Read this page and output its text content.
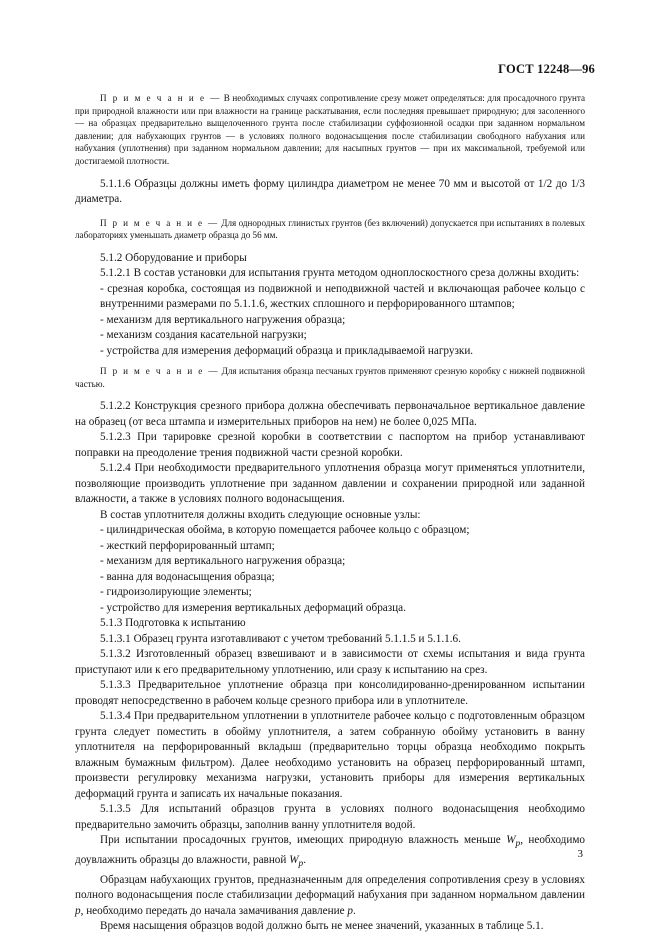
ГОСТ 12248—96

П р и м е ч а н и е — В необходимых случаях сопротивление срезу может определяться: для просадочного грунта при природной влажности или при влажности на границе раскатывания, если последняя превышает природную; для засоленного — на образцах предварительно выщелоченного грунта после стабилизации суффозионной осадки при заданном нормальном давлении; для набухающих грунтов — в условиях полного водонасыщения после стабилизации свободного набухания или набухания (уплотнения) при заданном нормальном давлении; для насыпных грунтов — при их максимальной, требуемой или достигаемой плотности.

5.1.1.6 Образцы должны иметь форму цилиндра диаметром не менее 70 мм и высотой от 1/2 до 1/3 диаметра.

П р и м е ч а н и е — Для однородных глинистых грунтов (без включений) допускается при испытаниях в полевых лабораториях уменьшать диаметр образца до 56 мм.

5.1.2 Оборудование и приборы

5.1.2.1 В состав установки для испытания грунта методом одноплоскостного среза должны входить:

- срезная коробка, состоящая из подвижной и неподвижной частей и включающая рабочее кольцо с внутренними размерами по 5.1.1.6, жестких сплошного и перфорированного штампов;

- механизм для вертикального нагружения образца;

- механизм создания касательной нагрузки;

- устройства для измерения деформаций образца и прикладываемой нагрузки.

П р и м е ч а н и е — Для испытания образца песчаных грунтов применяют срезную коробку с нижней подвижной частью.

5.1.2.2 Конструкция срезного прибора должна обеспечивать первоначальное вертикальное давление на образец (от веса штампа и измерительных приборов на нем) не более 0,025 МПа.

5.1.2.3 При тарировке срезной коробки в соответствии с паспортом на прибор устанавливают поправки на преодоление трения подвижной части срезной коробки.

5.1.2.4 При необходимости предварительного уплотнения образца могут применяться уплотнители, позволяющие производить уплотнение при заданном давлении и сохранении природной или заданной влажности, а также в условиях полного водонасыщения.

В состав уплотнителя должны входить следующие основные узлы:

- цилиндрическая обойма, в которую помещается рабочее кольцо с образцом;

- жесткий перфорированный штамп;

- механизм для вертикального нагружения образца;

- ванна для водонасыщения образца;

- гидроизолирующие элементы;

- устройство для измерения вертикальных деформаций образца.

5.1.3 Подготовка к испытанию

5.1.3.1 Образец грунта изготавливают с учетом требований 5.1.1.5 и 5.1.1.6.

5.1.3.2 Изготовленный образец взвешивают и в зависимости от схемы испытания и вида грунта приступают или к его предварительному уплотнению, или сразу к испытанию на срез.

5.1.3.3 Предварительное уплотнение образца при консолидированно-дренированном испытании проводят непосредственно в рабочем кольце срезного прибора или в уплотнителе.

5.1.3.4 При предварительном уплотнении в уплотнителе рабочее кольцо с подготовленным образцом грунта следует поместить в обойму уплотнителя, а затем собранную обойму установить в ванну уплотнителя на перфорированный вкладыш (предварительно торцы образца необходимо покрыть влажным бумажным фильтром). Далее необходимо установить на образец перфорированный штамп, произвести регулировку механизма нагрузки, установить приборы для измерения вертикальных деформаций грунта и записать их начальные показания.

5.1.3.5 Для испытаний образцов грунта в условиях полного водонасыщения необходимо предварительно замочить образцы, заполнив ванну уплотнителя водой.

При испытании просадочных грунтов, имеющих природную влажность меньше $W_p$, необходимо доувлажнить образцы до влажности, равной $W_p$.

Образцам набухающих грунтов, предназначенным для определения сопротивления срезу в условиях полного водонасыщения после стабилизации деформаций набухания при заданном нормальном давлении p, необходимо передать до начала замачивания давление p.

Время насыщения образцов водой должно быть не менее значений, указанных в таблице 5.1.

3
